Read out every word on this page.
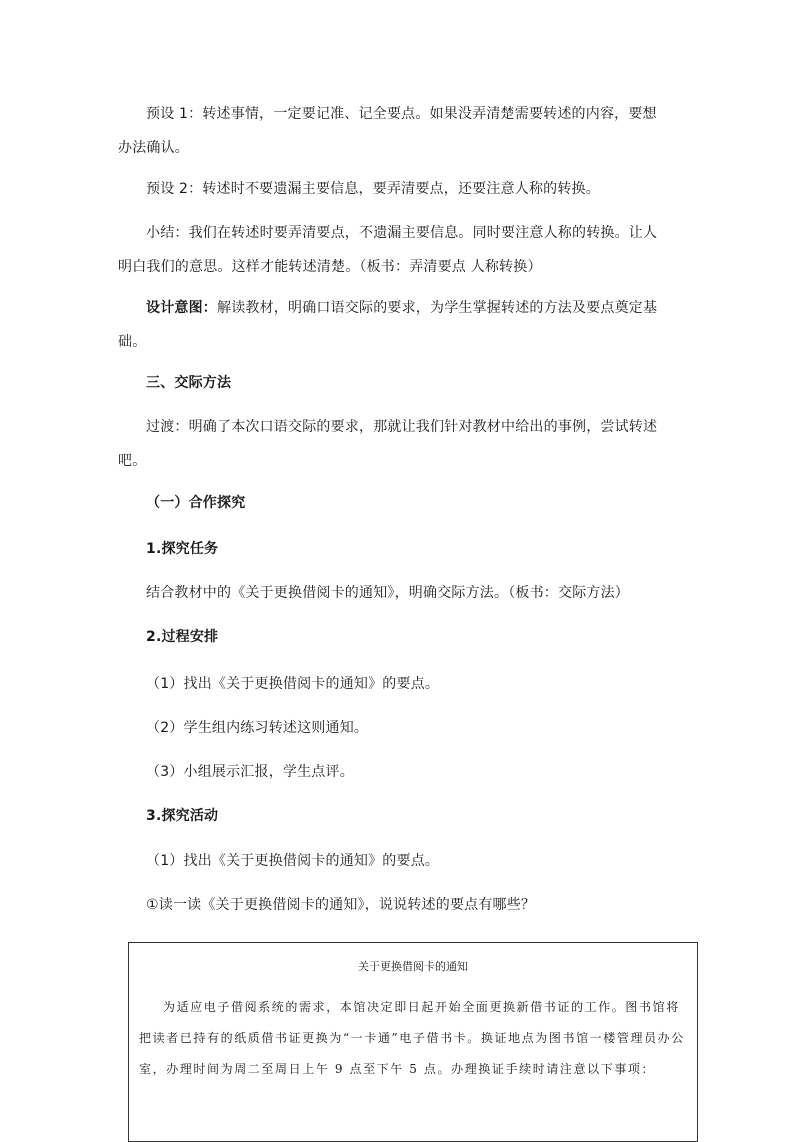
预设 1：转述事情，一定要记准、记全要点。如果没弄清楚需要转述的内容，要想办法确认。
预设 2：转述时不要遗漏主要信息，要弄清要点，还要注意人称的转换。
小结：我们在转述时要弄清要点，不遗漏主要信息。同时要注意人称的转换。让人明白我们的意思。这样才能转述清楚。（板书：弄清要点 人称转换）
设计意图：解读教材，明确口语交际的要求，为学生掌握转述的方法及要点奠定基础。
三、交际方法
过渡：明确了本次口语交际的要求，那就让我们针对教材中给出的事例，尝试转述吧。
（一）合作探究
1.探究任务
结合教材中的《关于更换借阅卡的通知》，明确交际方法。（板书：交际方法）
2.过程安排
（1）找出《关于更换借阅卡的通知》的要点。
（2）学生组内练习转述这则通知。
（3）小组展示汇报，学生点评。
3.探究活动
（1）找出《关于更换借阅卡的通知》的要点。
①读一读《关于更换借阅卡的通知》，说说转述的要点有哪些？
关于更换借阅卡的通知
为适应电子借阅系统的需求，本馆决定即日起开始全面更换新借书证的工作。图书馆将把读者已持有的纸质借书证更换为“一卡通”电子借书卡。换证地点为图书馆一楼管理员办公室，办理时间为周二至周日上午 9 点至下午 5 点。办理换证手续时请注意以下事项：
